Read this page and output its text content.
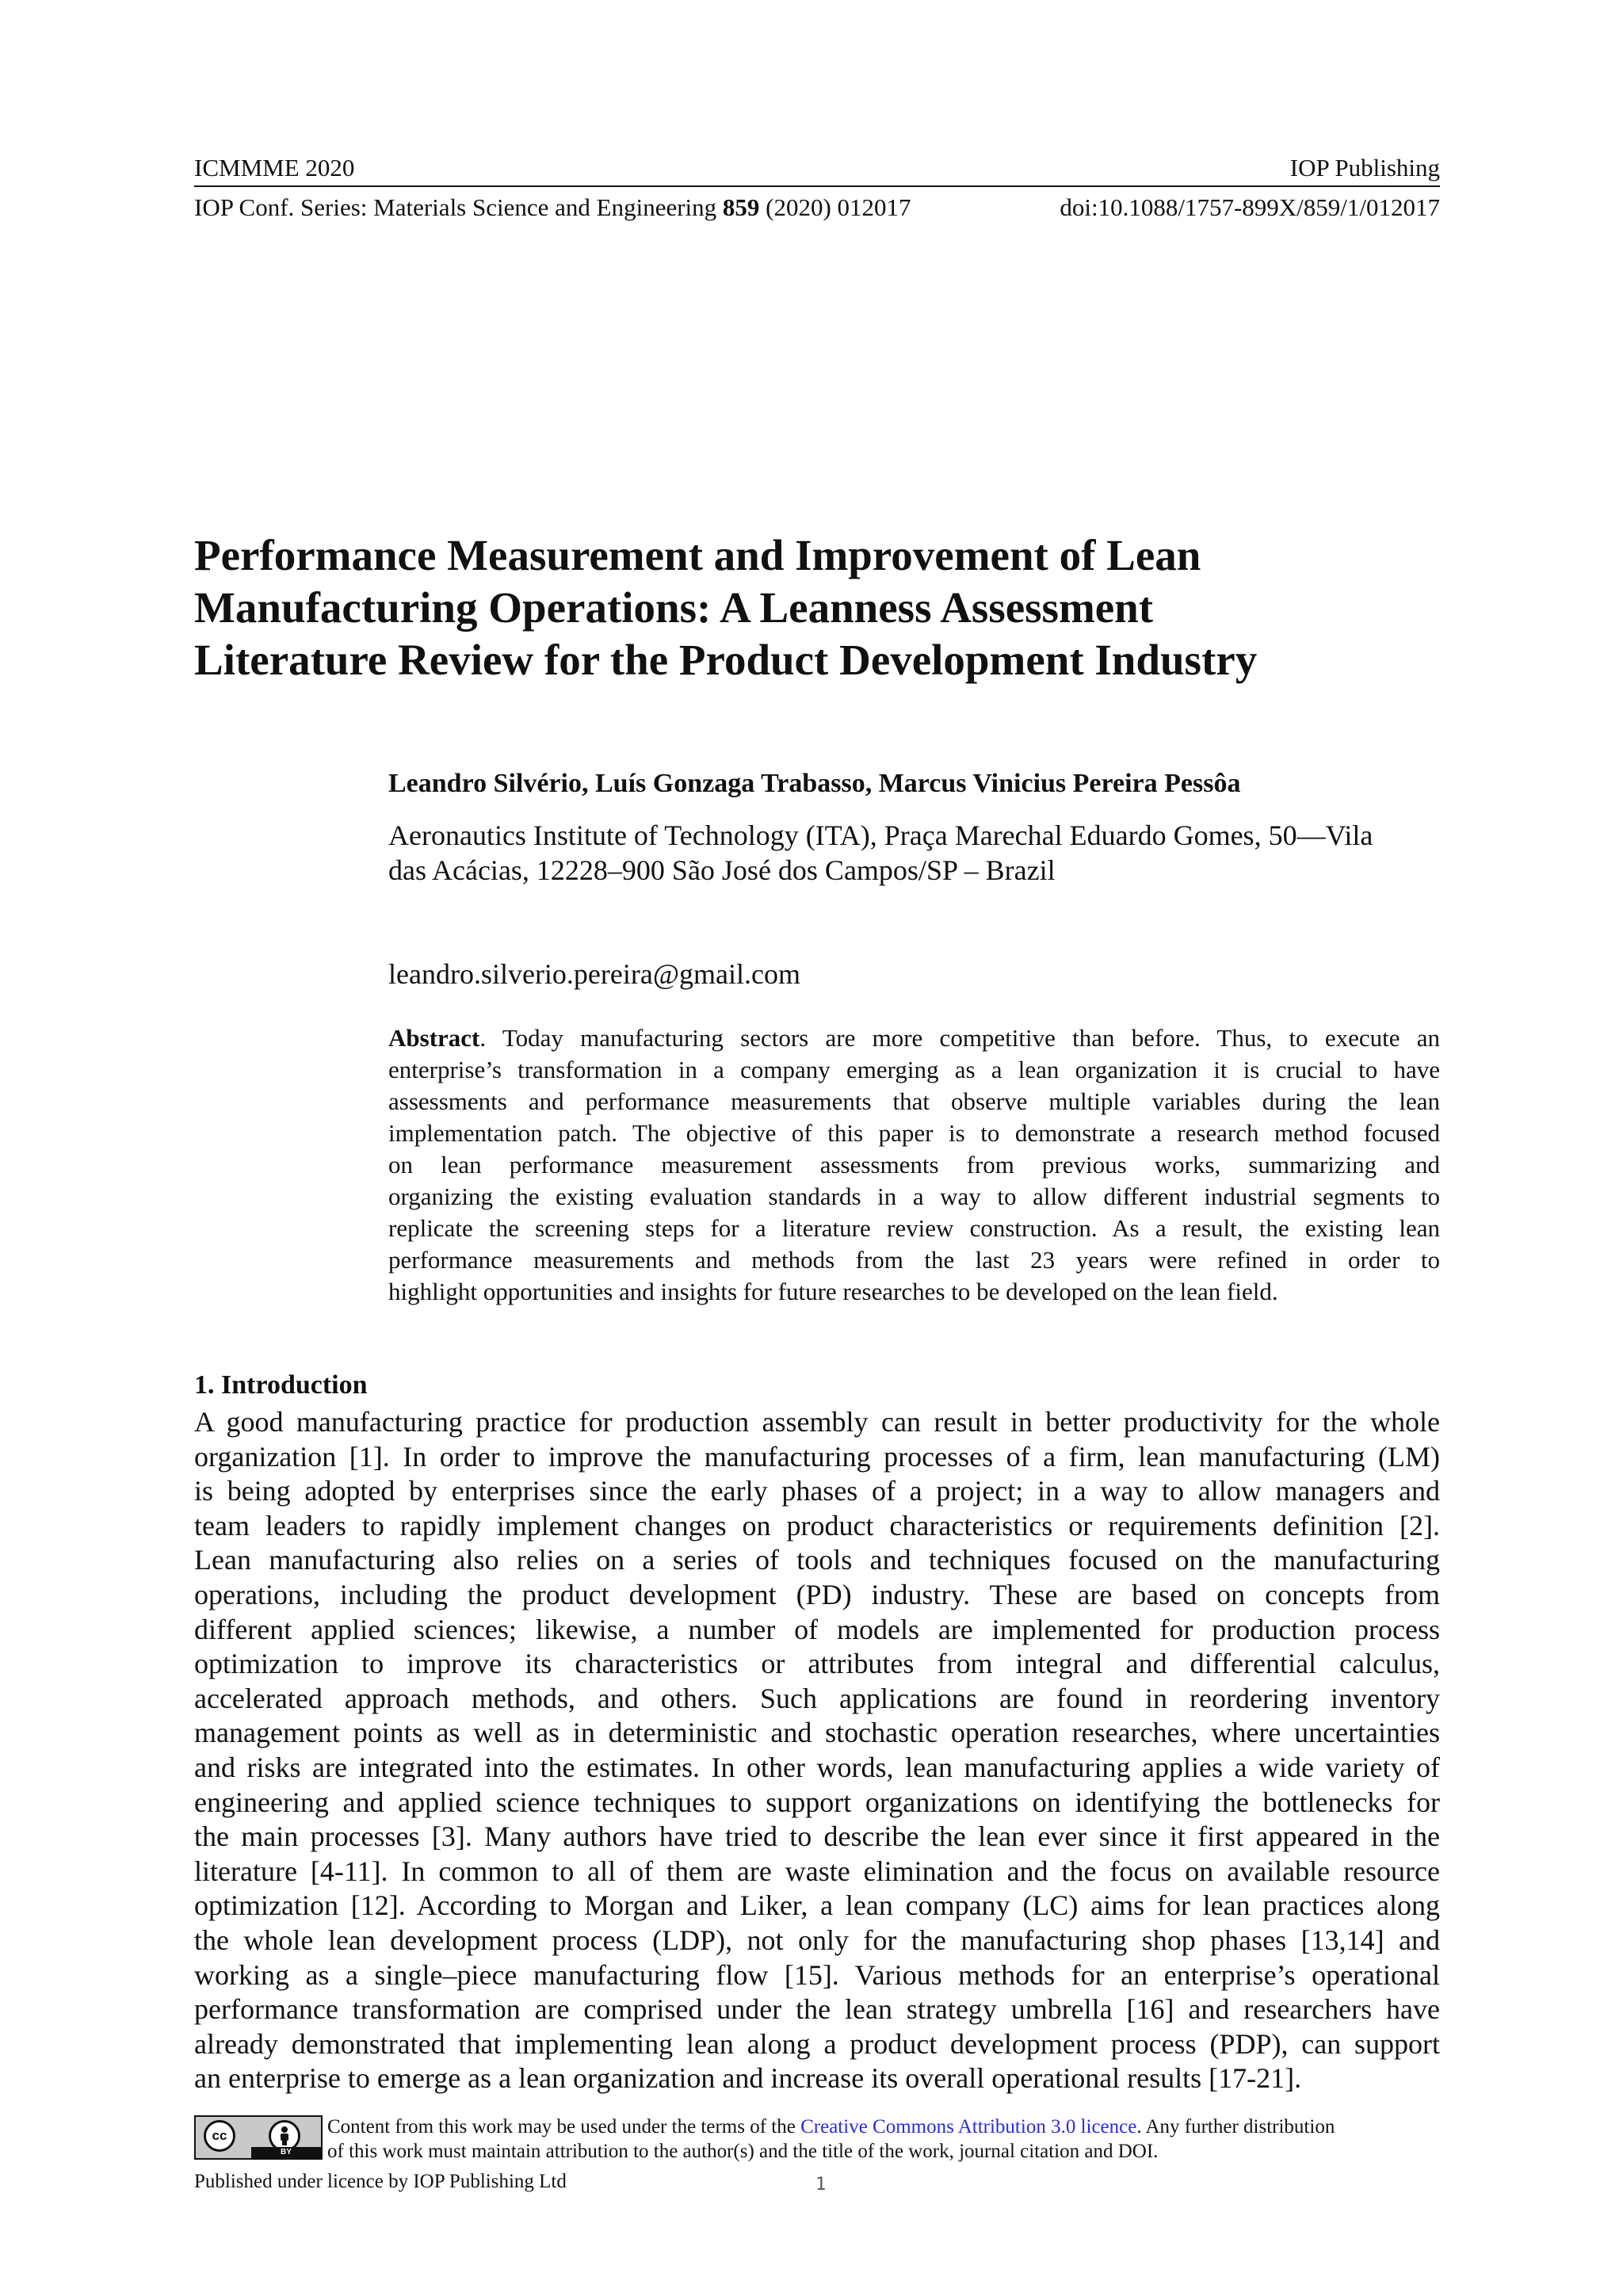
ICMMME 2020	IOP Publishing
IOP Conf. Series: Materials Science and Engineering 859 (2020) 012017	doi:10.1088/1757-899X/859/1/012017
Performance Measurement and Improvement of Lean
Manufacturing Operations: A Leanness Assessment
Literature Review for the Product Development Industry
Leandro Silvério, Luís Gonzaga Trabasso, Marcus Vinicius Pereira Pessôa
Aeronautics Institute of Technology (ITA), Praça Marechal Eduardo Gomes, 50—Vila
das Acácias, 12228–900 São José dos Campos/SP – Brazil
leandro.silverio.pereira@gmail.com
Abstract. Today manufacturing sectors are more competitive than before. Thus, to execute an
enterprise’s transformation in a company emerging as a lean organization it is crucial to have
assessments and performance measurements that observe multiple variables during the lean
implementation patch. The objective of this paper is to demonstrate a research method focused
on lean performance measurement assessments from previous works, summarizing and
organizing the existing evaluation standards in a way to allow different industrial segments to
replicate the screening steps for a literature review construction. As a result, the existing lean
performance measurements and methods from the last 23 years were refined in order to
highlight opportunities and insights for future researches to be developed on the lean field.
1. Introduction
A good manufacturing practice for production assembly can result in better productivity for the whole
organization [1]. In order to improve the manufacturing processes of a firm, lean manufacturing (LM)
is being adopted by enterprises since the early phases of a project; in a way to allow managers and
team leaders to rapidly implement changes on product characteristics or requirements definition [2].
Lean manufacturing also relies on a series of tools and techniques focused on the manufacturing
operations, including the product development (PD) industry. These are based on concepts from
different applied sciences; likewise, a number of models are implemented for production process
optimization to improve its characteristics or attributes from integral and differential calculus,
accelerated approach methods, and others. Such applications are found in reordering inventory
management points as well as in deterministic and stochastic operation researches, where uncertainties
and risks are integrated into the estimates. In other words, lean manufacturing applies a wide variety of
engineering and applied science techniques to support organizations on identifying the bottlenecks for
the main processes [3]. Many authors have tried to describe the lean ever since it first appeared in the
literature [4-11]. In common to all of them are waste elimination and the focus on available resource
optimization [12]. According to Morgan and Liker, a lean company (LC) aims for lean practices along
the whole lean development process (LDP), not only for the manufacturing shop phases [13,14] and
working as a single–piece manufacturing flow [15]. Various methods for an enterprise’s operational
performance transformation are comprised under the lean strategy umbrella [16] and researchers have
already demonstrated that implementing lean along a product development process (PDP), can support
an enterprise to emerge as a lean organization and increase its overall operational results [17-21].
cc
BY
Content from this work may be used under the terms of the Creative Commons Attribution 3.0 licence. Any further distribution
of this work must maintain attribution to the author(s) and the title of the work, journal citation and DOI.
Published under licence by IOP Publishing Ltd	1
